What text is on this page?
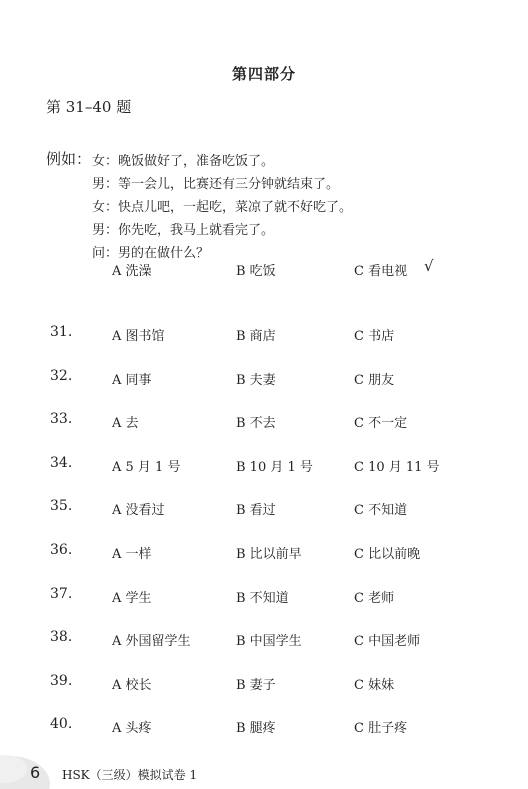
第四部分
第 31–40 题
例如： 女：晚饭做好了，准备吃饭了。
男：等一会儿，比赛还有三分钟就结束了。
女：快点儿吧，一起吃，菜凉了就不好吃了。
男：你先吃，我马上就看完了。
问：男的在做什么？
A 洗澡	B 吃饭	C 看电视 √
31.	A 图书馆	B 商店	C 书店
32.	A 同事	B 夫妻	C 朋友
33.	A 去	B 不去	C 不一定
34.	A 5 月 1 号	B 10 月 1 号	C 10 月 11 号
35.	A 没看过	B 看过	C 不知道
36.	A 一样	B 比以前早	C 比以前晚
37.	A 学生	B 不知道	C 老师
38.	A 外国留学生	B 中国学生	C 中国老师
39.	A 校长	B 妻子	C 妹妹
40.	A 头疼	B 腿疼	C 肚子疼
6 HSK（三级）模拟试卷 1
